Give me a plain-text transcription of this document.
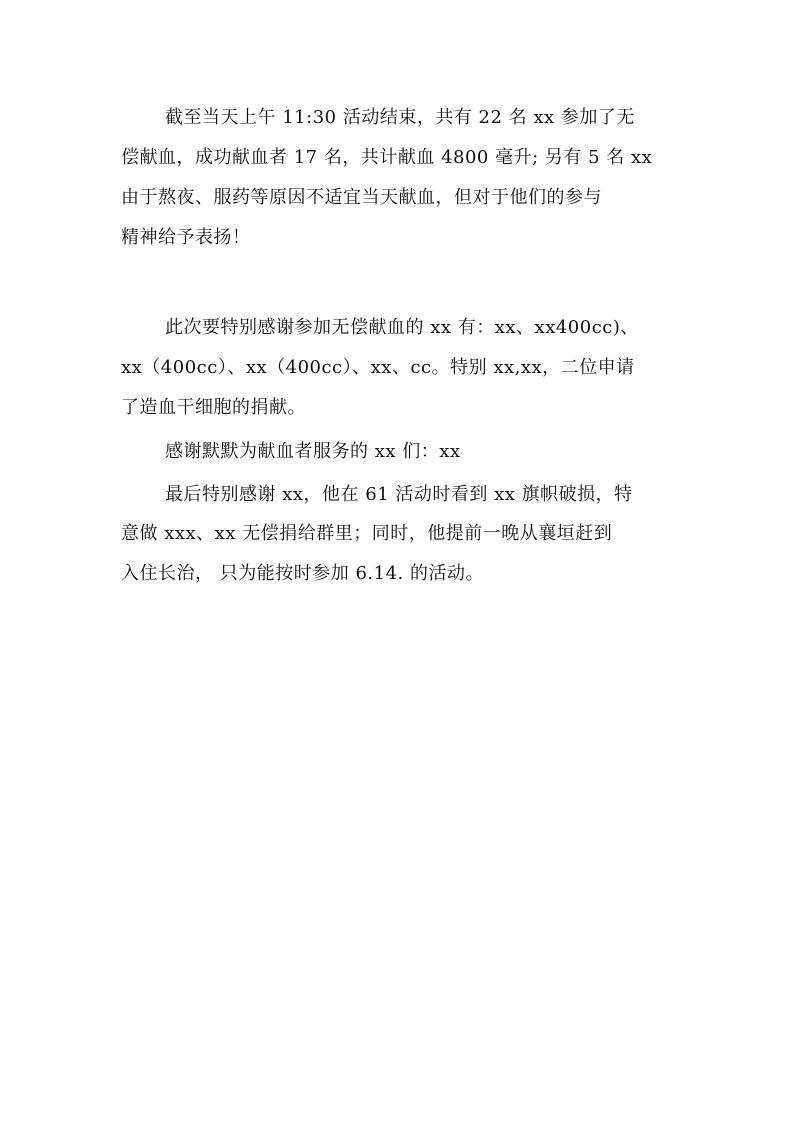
截至当天上午 11:30 活动结束，共有 22 名 xx 参加了无
偿献血，成功献血者 17 名，共计献血 4800 毫升; 另有 5 名 xx
由于熬夜、服药等原因不适宜当天献血，但对于他们的参与
精神给予表扬！
此次要特别感谢参加无偿献血的 xx 有：xx、xx400cc)、
xx（400cc）、xx（400cc）、xx、cc。特别 xx,xx，二位申请
了造血干细胞的捐献。
感谢默默为献血者服务的 xx 们：xx
最后特别感谢 xx，他在 61 活动时看到 xx 旗帜破损，特
意做 xxx、xx 无偿捐给群里；同时，他提前一晚从襄垣赶到
入住长治， 只为能按时参加 6.14. 的活动。
